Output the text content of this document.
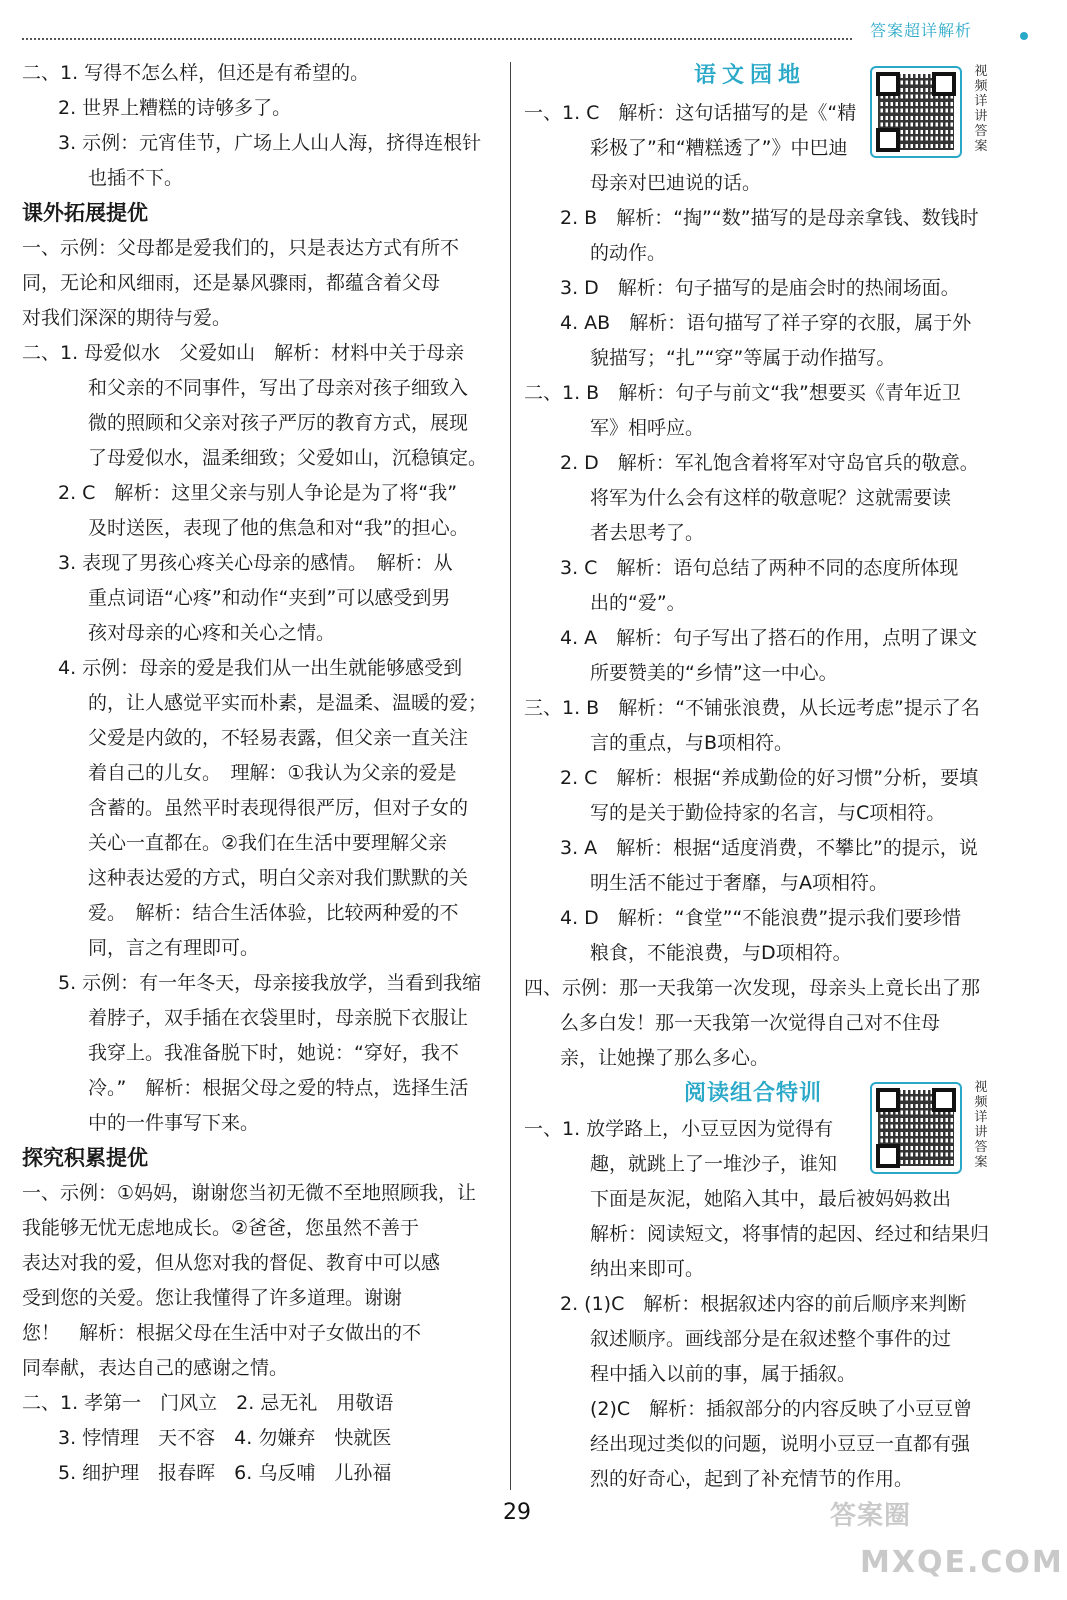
答案超详解析
二、1. 写得不怎么样，但还是有希望的。
2. 世界上糟糕的诗够多了。
3. 示例：元宵佳节，广场上人山人海，挤得连根针
也插不下。
课外拓展提优
一、示例：父母都是爱我们的，只是表达方式有所不
同，无论和风细雨，还是暴风骤雨，都蕴含着父母
对我们深深的期待与爱。
二、1. 母爱似水　父爱如山　解析：材料中关于母亲
和父亲的不同事件，写出了母亲对孩子细致入
微的照顾和父亲对孩子严厉的教育方式，展现
了母爱似水，温柔细致；父爱如山，沉稳镇定。
2. C　解析：这里父亲与别人争论是为了将“我”
及时送医，表现了他的焦急和对“我”的担心。
3. 表现了男孩心疼关心母亲的感情。　解析：从
重点词语“心疼”和动作“夹到”可以感受到男
孩对母亲的心疼和关心之情。
4. 示例：母亲的爱是我们从一出生就能够感受到
的，让人感觉平实而朴素，是温柔、温暖的爱；
父爱是内敛的，不轻易表露，但父亲一直关注
着自己的儿女。　理解：①我认为父亲的爱是
含蓄的。虽然平时表现得很严厉，但对子女的
关心一直都在。②我们在生活中要理解父亲
这种表达爱的方式，明白父亲对我们默默的关
爱。　解析：结合生活体验，比较两种爱的不
同，言之有理即可。
5. 示例：有一年冬天，母亲接我放学，当看到我缩
着脖子，双手插在衣袋里时，母亲脱下衣服让
我穿上。我准备脱下时，她说：“穿好，我不
冷。”　解析：根据父母之爱的特点，选择生活
中的一件事写下来。
探究积累提优
一、示例：①妈妈，谢谢您当初无微不至地照顾我，让
我能够无忧无虑地成长。②爸爸，您虽然不善于
表达对我的爱，但从您对我的督促、教育中可以感
受到您的关爱。您让我懂得了许多道理。谢谢
您！　解析：根据父母在生活中对子女做出的不
同奉献，表达自己的感谢之情。
二、1. 孝第一　门风立　2. 忌无礼　用敬语
3. 悖情理　天不容　4. 勿嫌弃　快就医
5. 细护理　报春晖　6. 乌反哺　儿孙福
语文园地
一、1. C　解析：这句话描写的是《“精
彩极了”和“糟糕透了”》中巴迪
母亲对巴迪说的话。
2. B　解析：“掏”“数”描写的是母亲拿钱、数钱时
的动作。
3. D　解析：句子描写的是庙会时的热闹场面。
4. AB　解析：语句描写了祥子穿的衣服，属于外
貌描写；“扎”“穿”等属于动作描写。
二、1. B　解析：句子与前文“我”想要买《青年近卫
军》相呼应。
2. D　解析：军礼饱含着将军对守岛官兵的敬意。
将军为什么会有这样的敬意呢？这就需要读
者去思考了。
3. C　解析：语句总结了两种不同的态度所体现
出的“爱”。
4. A　解析：句子写出了搭石的作用，点明了课文
所要赞美的“乡情”这一中心。
三、1. B　解析：“不铺张浪费，从长远考虑”提示了名
言的重点，与B项相符。
2. C　解析：根据“养成勤俭的好习惯”分析，要填
写的是关于勤俭持家的名言，与C项相符。
3. A　解析：根据“适度消费，不攀比”的提示，说
明生活不能过于奢靡，与A项相符。
4. D　解析：“食堂”“不能浪费”提示我们要珍惜
粮食，不能浪费，与D项相符。
四、示例：那一天我第一次发现，母亲头上竟长出了那
么多白发！那一天我第一次觉得自己对不住母
亲，让她操了那么多心。
阅读组合特训
一、1. 放学路上，小豆豆因为觉得有
趣，就跳上了一堆沙子，谁知
下面是灰泥，她陷入其中，最后被妈妈救出
解析：阅读短文，将事情的起因、经过和结果归
纳出来即可。
2. (1)C　解析：根据叙述内容的前后顺序来判断
叙述顺序。画线部分是在叙述整个事件的过
程中插入以前的事，属于插叙。
(2)C　解析：插叙部分的内容反映了小豆豆曾
经出现过类似的问题，说明小豆豆一直都有强
烈的好奇心，起到了补充情节的作用。
视频详讲答案
视频详讲答案
29	答案圈
MXQE.COM
